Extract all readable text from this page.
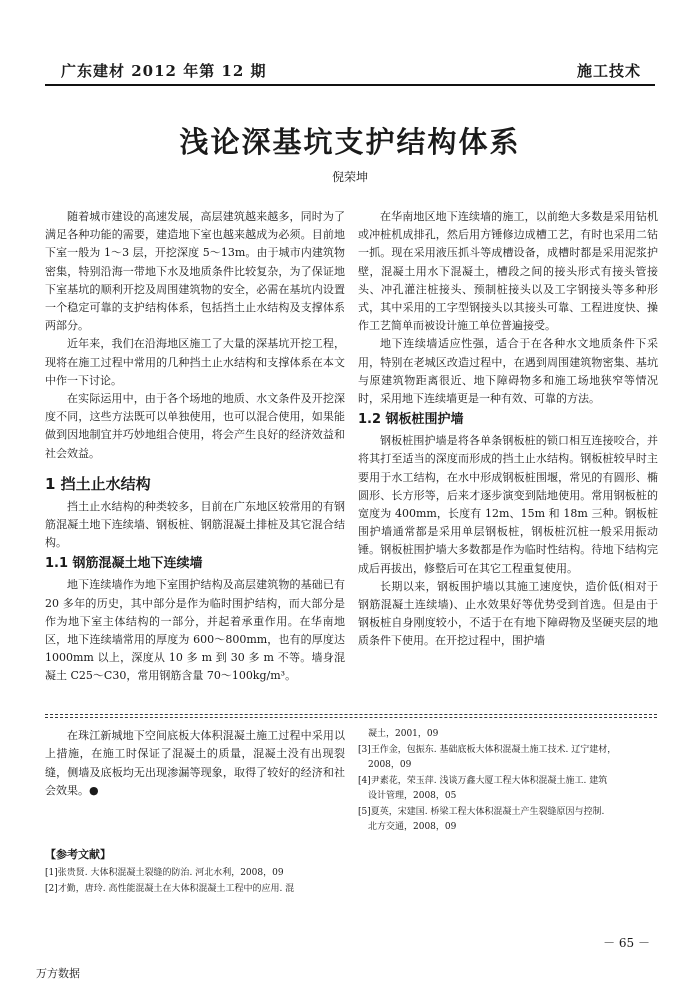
广东建材 2012 年第 12 期	施工技术
浅论深基坑支护结构体系
倪荣坤

随着城市建设的高速发展，高层建筑越来越多，同时为了满足各种功能的需要，建造地下室也越来越成为必须。目前地下室一般为 1～3 层，开挖深度 5～13m。由于城市内建筑物密集，特别沿海一带地下水及地质条件比较复杂，为了保证地下室基坑的顺利开挖及周围建筑物的安全，必需在基坑内设置一个稳定可靠的支护结构体系，包括挡土止水结构及支撑体系两部分。

近年来，我们在沿海地区施工了大量的深基坑开挖工程，现将在施工过程中常用的几种挡土止水结构和支撑体系在本文中作一下讨论。

在实际运用中，由于各个场地的地质、水文条件及开挖深度不同，这些方法既可以单独使用，也可以混合使用，如果能做到因地制宜并巧妙地组合使用，将会产生良好的经济效益和社会效益。

1 挡土止水结构

挡土止水结构的种类较多，目前在广东地区较常用的有钢筋混凝土地下连续墙、钢板桩、钢筋混凝土排桩及其它混合结构。

1.1 钢筋混凝土地下连续墙

地下连续墙作为地下室围护结构及高层建筑物的基础已有 20 多年的历史，其中部分是作为临时围护结构，而大部分是作为地下室主体结构的一部分，并起着承重作用。在华南地区，地下连续墙常用的厚度为 600～800mm，也有的厚度达 1000mm 以上，深度从 10 多 m 到 30 多 m 不等。墙身混凝土 C25～C30，常用钢筋含量 70～100kg/m³。

在华南地区地下连续墙的施工，以前绝大多数是采用钻机或冲桩机成排孔，然后用方锤修边成槽工艺，有时也采用二钻一抓。现在采用液压抓斗等成槽设备，成槽时都是采用泥浆护壁，混凝土用水下混凝土，槽段之间的接头形式有接头管接头、冲孔灌注桩接头、预制桩接头以及工字钢接头等多种形式，其中采用的工字型钢接头以其接头可靠、工程进度快、操作工艺简单而被设计施工单位普遍接受。

地下连续墙适应性强，适合于在各种水文地质条件下采用，特别在老城区改造过程中，在遇到周围建筑物密集、基坑与原建筑物距离很近、地下障碍物多和施工场地狭窄等情况时，采用地下连续墙更是一种有效、可靠的方法。

1.2 钢板桩围护墙

钢板桩围护墙是将各单条钢板桩的锁口相互连接咬合，并将其打至适当的深度而形成的挡土止水结构。钢板桩较早时主要用于水工结构，在水中形成钢板桩围堰，常见的有圆形、椭圆形、长方形等，后来才逐步演变到陆地使用。常用钢板桩的宽度为 400mm，长度有 12m、15m 和 18m 三种。钢板桩围护墙通常都是采用单层钢板桩，钢板桩沉桩一般采用振动锤。钢板桩围护墙大多数都是作为临时性结构。待地下结构完成后再拔出，修整后可在其它工程重复使用。

长期以来，钢板围护墙以其施工速度快，造价低(相对于钢筋混凝土连续墙)、止水效果好等优势受到首选。但是由于钢板桩自身刚度较小，不适于在有地下障碍物及坚硬夹层的地质条件下使用。在开挖过程中，围护墙

在珠江新城地下空间底板大体积混凝土施工过程中采用以上措施，在施工时保证了混凝土的质量，混凝土没有出现裂缝，侧墙及底板均无出现渗漏等现象，取得了较好的经济和社会效果。●

【参考文献】
[1]张贵贤. 大体积混凝土裂缝的防治. 河北水利，2008，09
[2]才勤，唐玲. 高性能混凝土在大体积混凝土工程中的应用. 混
凝土，2001，09
[3]王作金，包振东. 基础底板大体积混凝土施工技术. 辽宁建材，
2008，09
[4]尹素花，荣玉萍. 浅谈万鑫大厦工程大体积混凝土施工. 建筑
设计管理，2008，05
[5]夏英，宋建国. 桥梁工程大体积混凝土产生裂缝原因与控制.
北方交通，2008，09
－ 65 －
万方数据
